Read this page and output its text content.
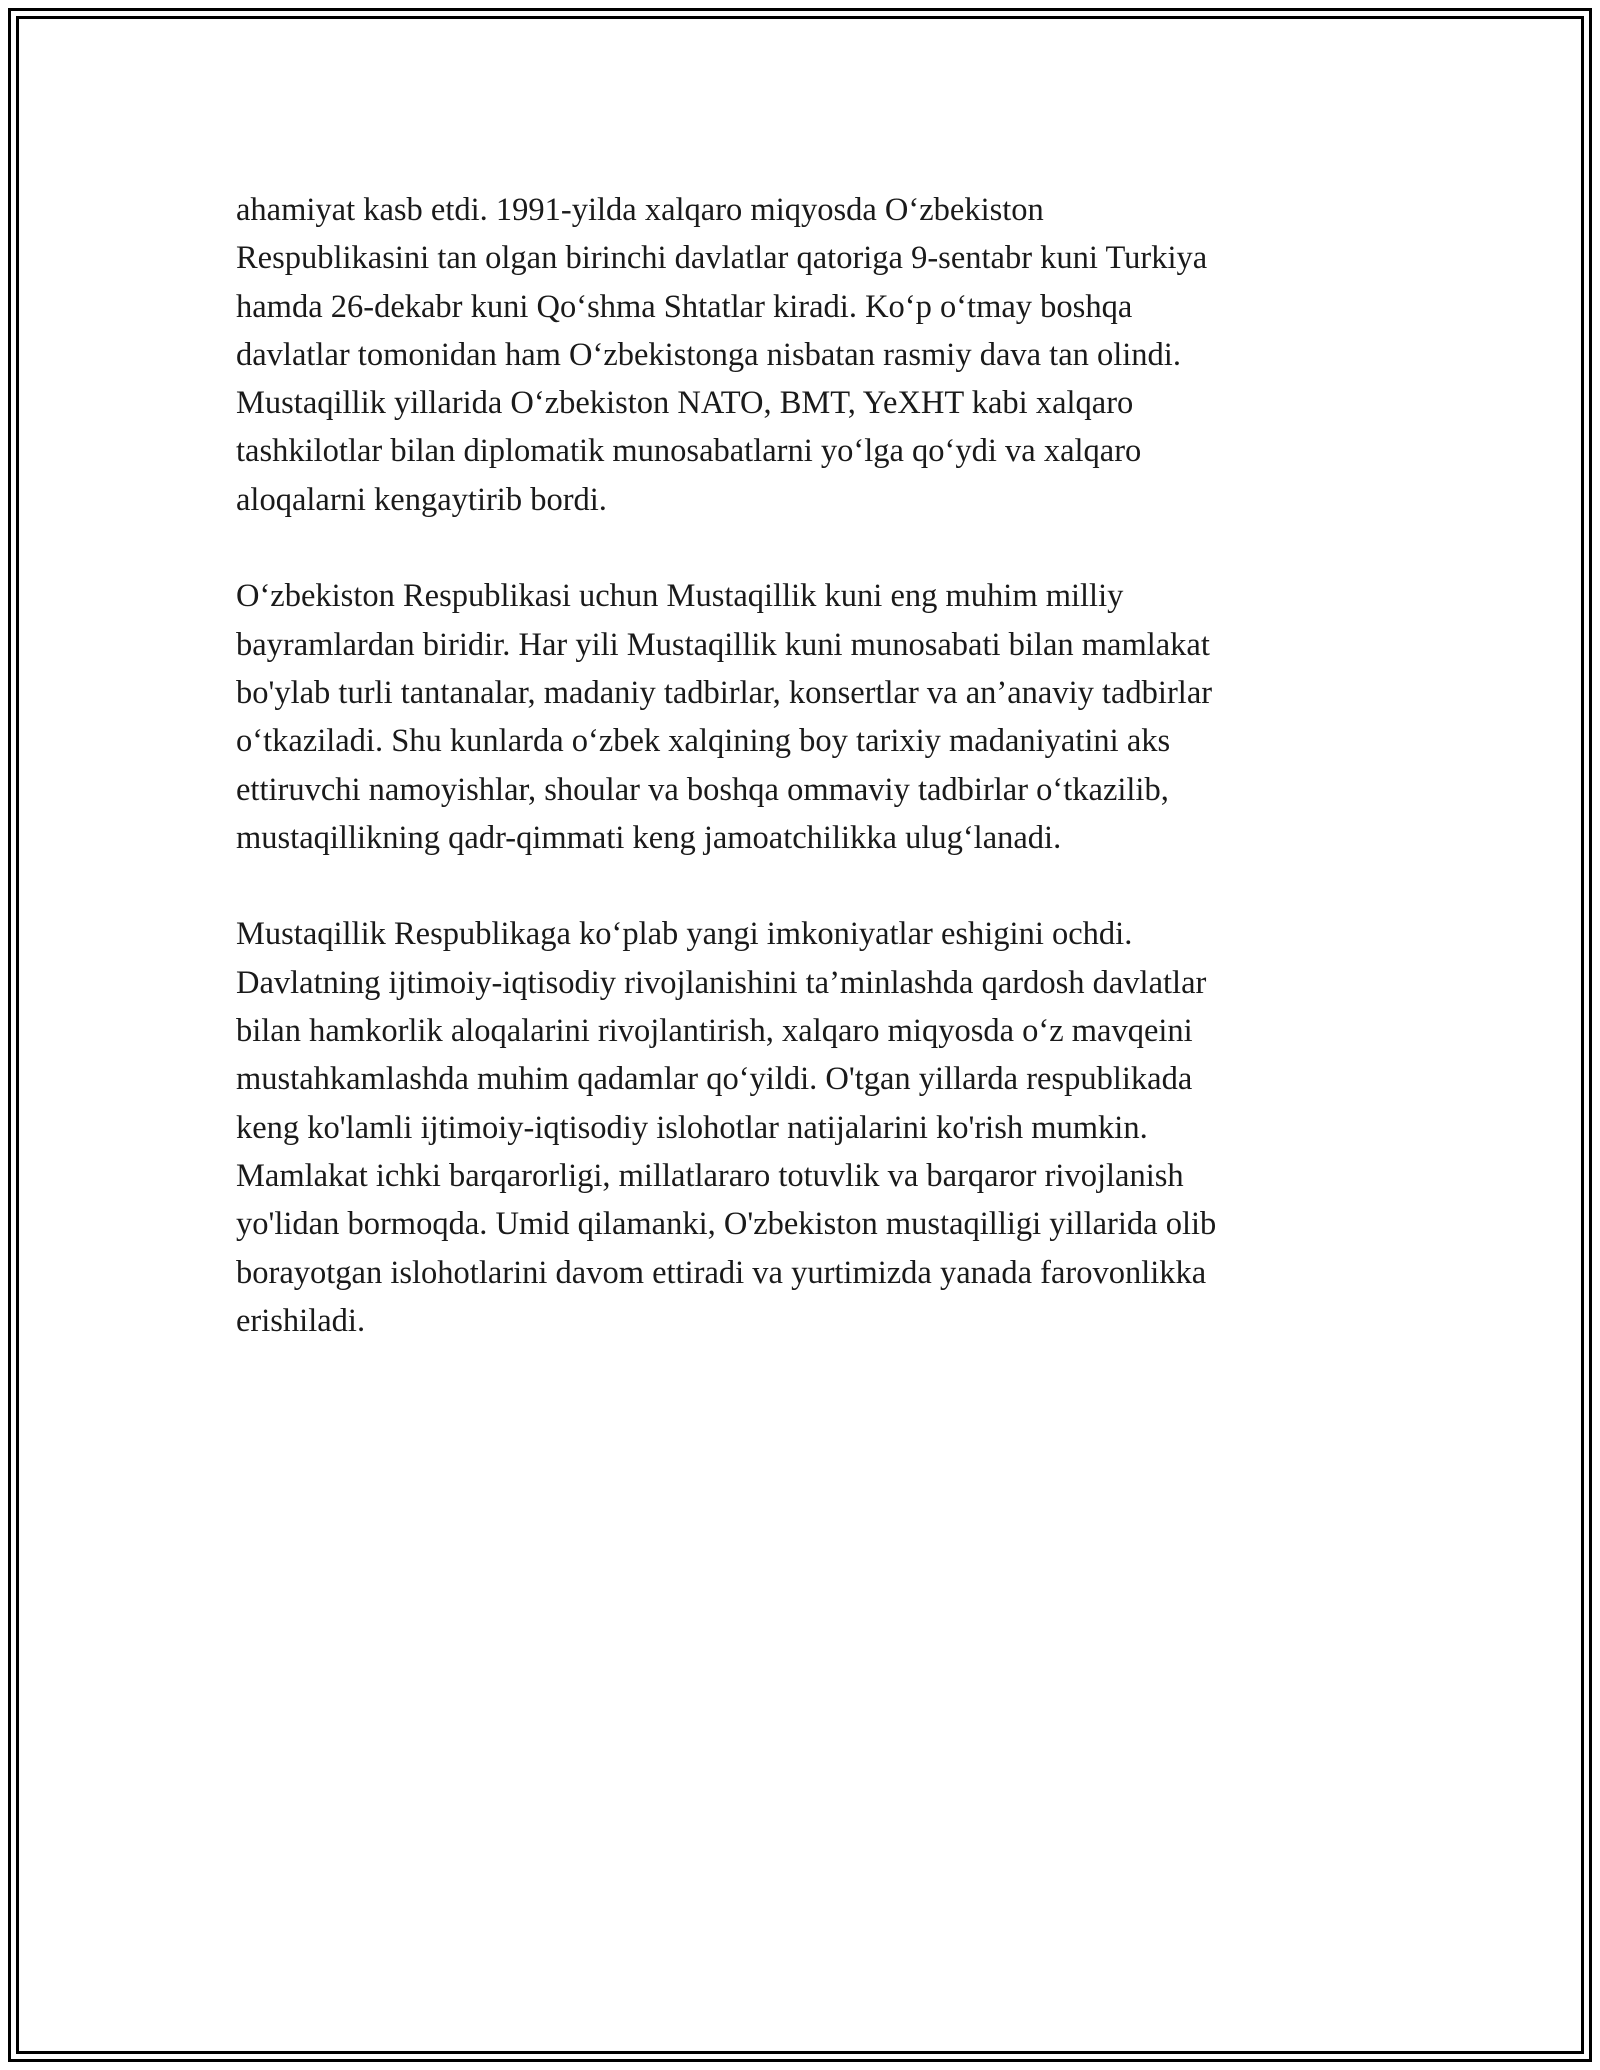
ahamiyat kasb etdi. 1991-yilda xalqaro miqyosda O‘zbekiston
Respublikasini tan olgan birinchi davlatlar qatoriga 9-sentabr kuni Turkiya
hamda 26-dekabr kuni Qo‘shma Shtatlar kiradi. Ko‘p o‘tmay boshqa
davlatlar tomonidan ham O‘zbekistonga nisbatan rasmiy dava tan olindi.
Mustaqillik yillarida O‘zbekiston NATO, BMT, YeXHT kabi xalqaro
tashkilotlar bilan diplomatik munosabatlarni yo‘lga qo‘ydi va xalqaro
aloqalarni kengaytirib bordi.

O‘zbekiston Respublikasi uchun Mustaqillik kuni eng muhim milliy
bayramlardan biridir. Har yili Mustaqillik kuni munosabati bilan mamlakat
bo'ylab turli tantanalar, madaniy tadbirlar, konsertlar va an’anaviy tadbirlar
o‘tkaziladi. Shu kunlarda o‘zbek xalqining boy tarixiy madaniyatini aks
ettiruvchi namoyishlar, shoular va boshqa ommaviy tadbirlar o‘tkazilib,
mustaqillikning qadr-qimmati keng jamoatchilikka ulug‘lanadi.

Mustaqillik Respublikaga ko‘plab yangi imkoniyatlar eshigini ochdi.
Davlatning ijtimoiy-iqtisodiy rivojlanishini ta’minlashda qardosh davlatlar
bilan hamkorlik aloqalarini rivojlantirish, xalqaro miqyosda o‘z mavqeini
mustahkamlashda muhim qadamlar qo‘yildi. O'tgan yillarda respublikada
keng ko'lamli ijtimoiy-iqtisodiy islohotlar natijalarini ko'rish mumkin.
Mamlakat ichki barqarorligi, millatlararo totuvlik va barqaror rivojlanish
yo'lidan bormoqda. Umid qilamanki, O'zbekiston mustaqilligi yillarida olib
borayotgan islohotlarini davom ettiradi va yurtimizda yanada farovonlikka
erishiladi.
